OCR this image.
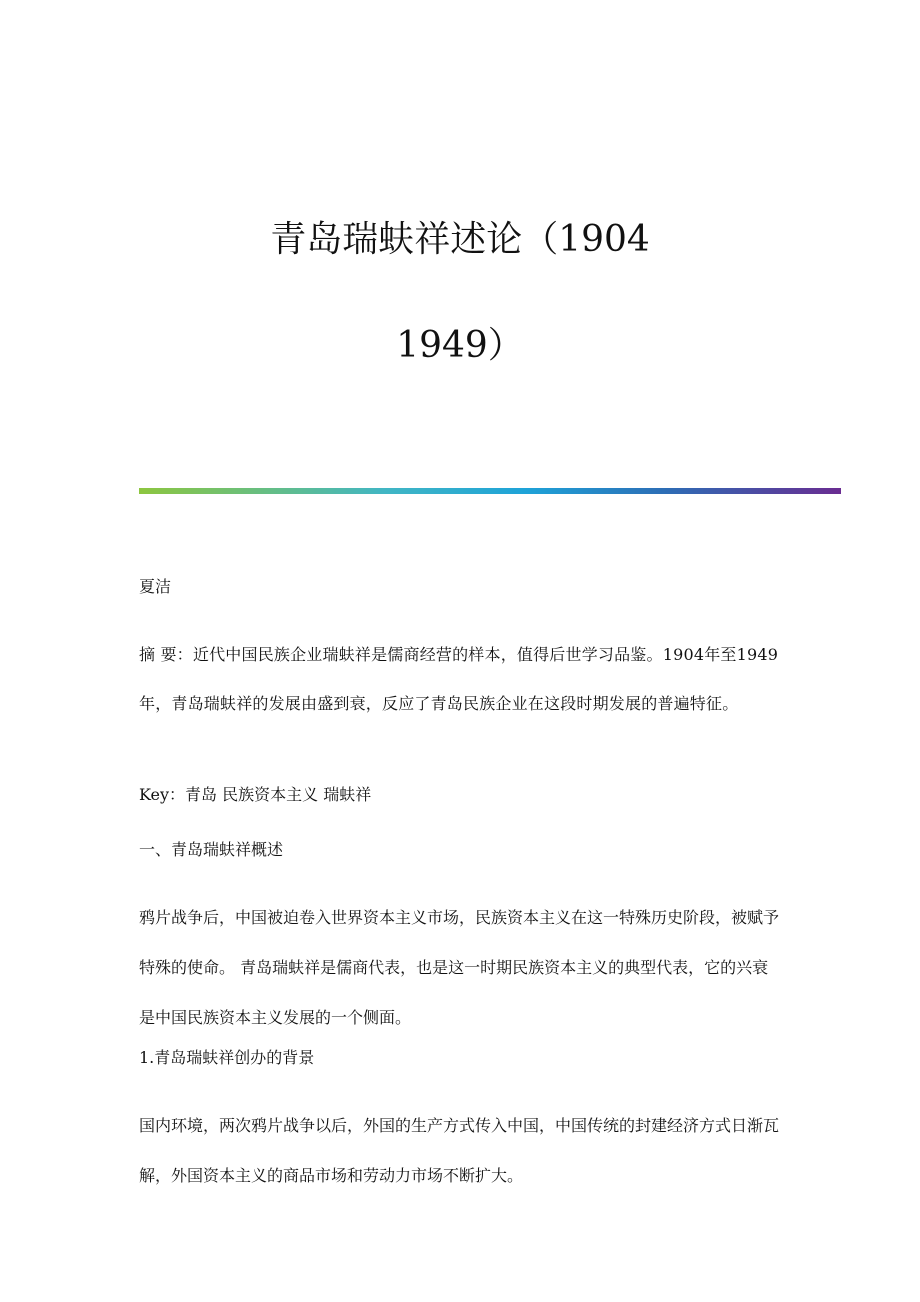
青岛瑞蚨祥述论（1904
1949）

夏洁

摘 要：近代中国民族企业瑞蚨祥是儒商经营的样本，值得后世学习品鉴。1904年至1949年，青岛瑞蚨祥的发展由盛到衰，反应了青岛民族企业在这段时期发展的普遍特征。

Key：青岛 民族资本主义 瑞蚨祥

一、青岛瑞蚨祥概述

鸦片战争后，中国被迫卷入世界资本主义市场，民族资本主义在这一特殊历史阶段，被赋予特殊的使命。 青岛瑞蚨祥是儒商代表，也是这一时期民族资本主义的典型代表，它的兴衰是中国民族资本主义发展的一个侧面。

1.青岛瑞蚨祥创办的背景

国内环境，两次鸦片战争以后，外国的生产方式传入中国，中国传统的封建经济方式日渐瓦解，外国资本主义的商品市场和劳动力市场不断扩大。
